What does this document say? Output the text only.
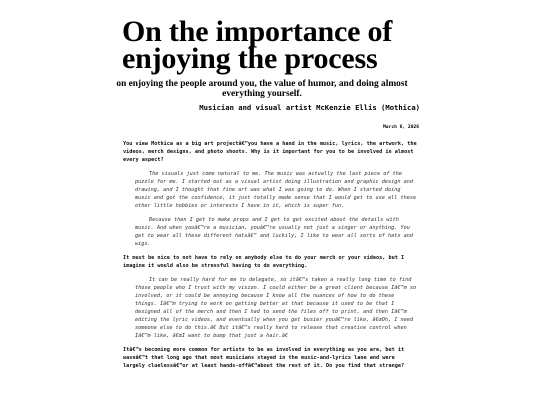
On the importance of enjoying the process

on enjoying the people around you, the value of humor, and doing almost everything yourself.

Musician and visual artist McKenzie Ellis (Mothica)

March 6, 2026

You view Mothica as a big art projectâ€”you have a hand in the music, lyrics, the artwork, the videos, merch designs, and photo shoots. Why is it important for you to be involved in almost every aspect?

The visuals just come natural to me. The music was actually the last piece of the puzzle for me. I started out as a visual artist doing illustration and graphic design and drawing, and I thought that fine art was what I was going to do. When I started doing music and got the confidence, it just totally made sense that I would get to use all these other little hobbies or interests I have in it, which is super fun.

Because then I get to make props and I get to get excited about the details with music. And when youâ€™re a musician, youâ€™re usually not just a singer or anything. You get to wear all these different hatsâ€” and luckily, I like to wear all sorts of hats and wigs.

It must be nice to not have to rely on anybody else to do your merch or your videos, but I imagine it would also be stressful having to do everything.

It can be really hard for me to delegate, so itâ€™s taken a really long time to find those people who I trust with my vision. I could either be a great client because Iâ€™m so involved, or it could be annoying because I know all the nuances of how to do these things. Iâ€™m trying to work on getting better at that because it used to be that I designed all of the merch and then I had to send the files off to print, and then Iâ€™m editing the lyric videos, and eventually when you get busier youâ€™re like, â€œOh, I need someone else to do this.â€ But itâ€™s really hard to release that creative control when Iâ€™m like, â€œI want to bump that just a hair.â€

Itâ€™s becoming more common for artists to be as involved in everything as you are, but it wasnâ€™t that long ago that most musicians stayed in the music-and-lyrics lane and were largely cluelessâ€”or at least hands-offâ€”about the rest of it. Do you find that strange?
